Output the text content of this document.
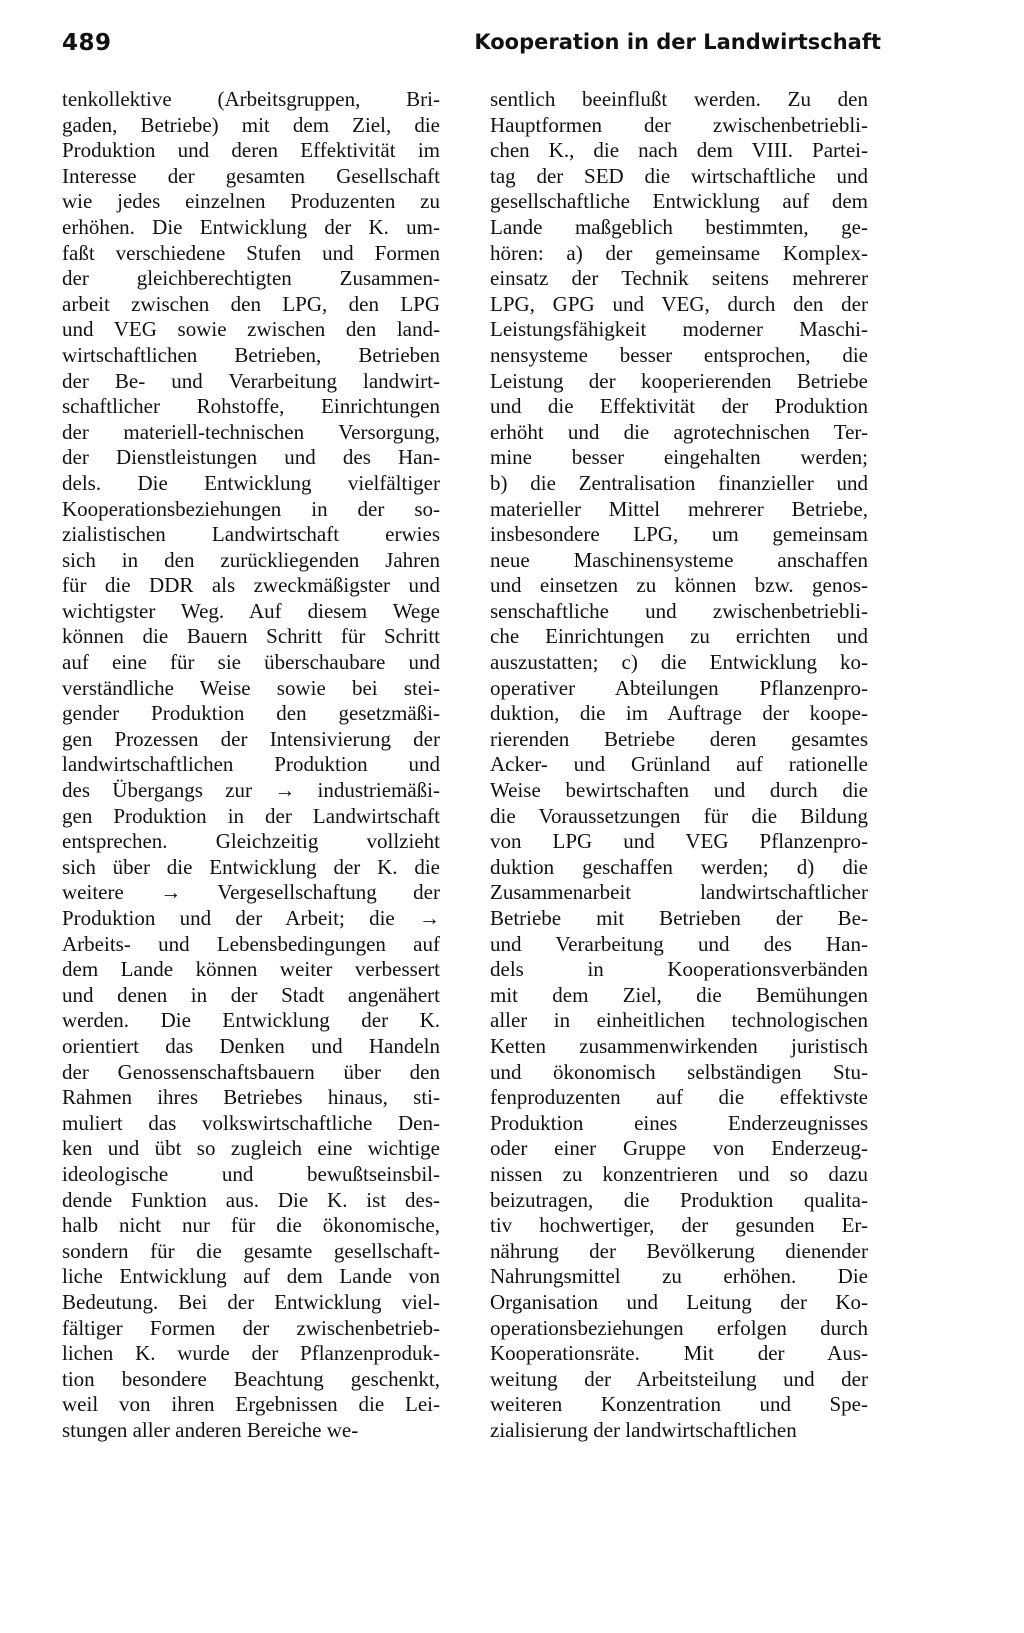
489	Kooperation in der Landwirtschaft
tenkollektive (Arbeitsgruppen, Bri-
gaden, Betriebe) mit dem Ziel, die
Produktion und deren Effektivität im
Interesse der gesamten Gesellschaft
wie jedes einzelnen Produzenten zu
erhöhen. Die Entwicklung der K. um-
faßt verschiedene Stufen und Formen
der gleichberechtigten Zusammen-
arbeit zwischen den LPG, den LPG
und VEG sowie zwischen den land-
wirtschaftlichen Betrieben, Betrieben
der Be- und Verarbeitung landwirt-
schaftlicher Rohstoffe, Einrichtungen
der materiell-technischen Versorgung,
der Dienstleistungen und des Han-
dels. Die Entwicklung vielfältiger
Kooperationsbeziehungen in der so-
zialistischen Landwirtschaft erwies
sich in den zurückliegenden Jahren
für die DDR als zweckmäßigster und
wichtigster Weg. Auf diesem Wege
können die Bauern Schritt für Schritt
auf eine für sie überschaubare und
verständliche Weise sowie bei stei-
gender Produktion den gesetzmäßi-
gen Prozessen der Intensivierung der
landwirtschaftlichen Produktion und
des Übergangs zur → industriemäßi-
gen Produktion in der Landwirtschaft
entsprechen. Gleichzeitig vollzieht
sich über die Entwicklung der K. die
weitere → Vergesellschaftung der
Produktion und der Arbeit; die →
Arbeits- und Lebensbedingungen auf
dem Lande können weiter verbessert
und denen in der Stadt angenähert
werden. Die Entwicklung der K.
orientiert das Denken und Handeln
der Genossenschaftsbauern über den
Rahmen ihres Betriebes hinaus, sti-
muliert das volkswirtschaftliche Den-
ken und übt so zugleich eine wichtige
ideologische und bewußtseinsbil-
dende Funktion aus. Die K. ist des-
halb nicht nur für die ökonomische,
sondern für die gesamte gesellschaft-
liche Entwicklung auf dem Lande von
Bedeutung. Bei der Entwicklung viel-
fältiger Formen der zwischenbetrieb-
lichen K. wurde der Pflanzenproduk-
tion besondere Beachtung geschenkt,
weil von ihren Ergebnissen die Lei-
stungen aller anderen Bereiche we-
sentlich beeinflußt werden. Zu den
Hauptformen der zwischenbetriebli-
chen K., die nach dem VIII. Partei-
tag der SED die wirtschaftliche und
gesellschaftliche Entwicklung auf dem
Lande maßgeblich bestimmten, ge-
hören: a) der gemeinsame Komplex-
einsatz der Technik seitens mehrerer
LPG, GPG und VEG, durch den der
Leistungsfähigkeit moderner Maschi-
nensysteme besser entsprochen, die
Leistung der kooperierenden Betriebe
und die Effektivität der Produktion
erhöht und die agrotechnischen Ter-
mine besser eingehalten werden;
b) die Zentralisation finanzieller und
materieller Mittel mehrerer Betriebe,
insbesondere LPG, um gemeinsam
neue Maschinensysteme anschaffen
und einsetzen zu können bzw. genos-
senschaftliche und zwischenbetriebli-
che Einrichtungen zu errichten und
auszustatten; c) die Entwicklung ko-
operativer Abteilungen Pflanzenpro-
duktion, die im Auftrage der koope-
rierenden Betriebe deren gesamtes
Acker- und Grünland auf rationelle
Weise bewirtschaften und durch die
die Voraussetzungen für die Bildung
von LPG und VEG Pflanzenpro-
duktion geschaffen werden; d) die
Zusammenarbeit landwirtschaftlicher
Betriebe mit Betrieben der Be-
und Verarbeitung und des Han-
dels in Kooperationsverbänden
mit dem Ziel, die Bemühungen
aller in einheitlichen technologischen
Ketten zusammenwirkenden juristisch
und ökonomisch selbständigen Stu-
fenproduzenten auf die effektivste
Produktion eines Enderzeugnisses
oder einer Gruppe von Enderzeug-
nissen zu konzentrieren und so dazu
beizutragen, die Produktion qualita-
tiv hochwertiger, der gesunden Er-
nährung der Bevölkerung dienender
Nahrungsmittel zu erhöhen. Die
Organisation und Leitung der Ko-
operationsbeziehungen erfolgen durch
Kooperationsräte. Mit der Aus-
weitung der Arbeitsteilung und der
weiteren Konzentration und Spe-
zialisierung der landwirtschaftlichen
